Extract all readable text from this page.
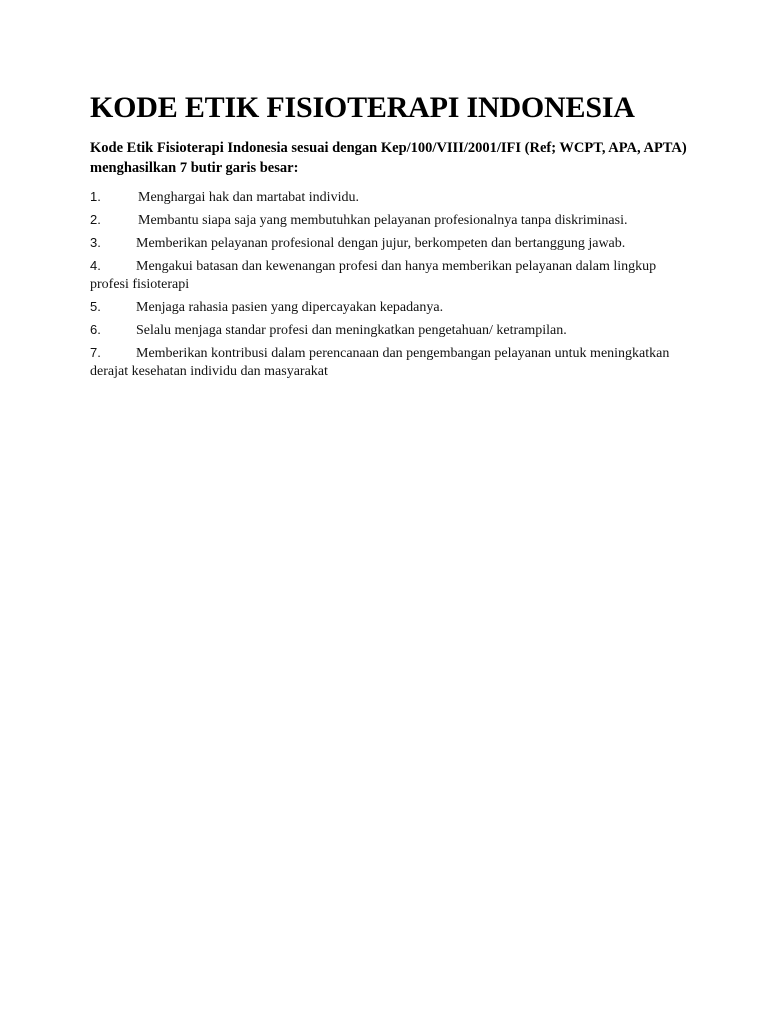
KODE ETIK FISIOTERAPI INDONESIA

Kode Etik Fisioterapi Indonesia sesuai dengan Kep/100/VIII/2001/IFI (Ref; WCPT, APA, APTA) menghasilkan 7 butir garis besar:

1.	Menghargai hak dan martabat individu.
2.	Membantu siapa saja yang membutuhkan pelayanan profesionalnya tanpa diskriminasi.
3.	Memberikan pelayanan profesional dengan jujur, berkompeten dan bertanggung jawab.
4.	Mengakui batasan dan kewenangan profesi dan hanya memberikan pelayanan dalam lingkup profesi fisioterapi
5.	Menjaga rahasia pasien yang dipercayakan kepadanya.
6.	Selalu menjaga standar profesi dan meningkatkan pengetahuan/ ketrampilan.
7.	Memberikan kontribusi dalam perencanaan dan pengembangan pelayanan untuk meningkatkan derajat kesehatan individu dan masyarakat
